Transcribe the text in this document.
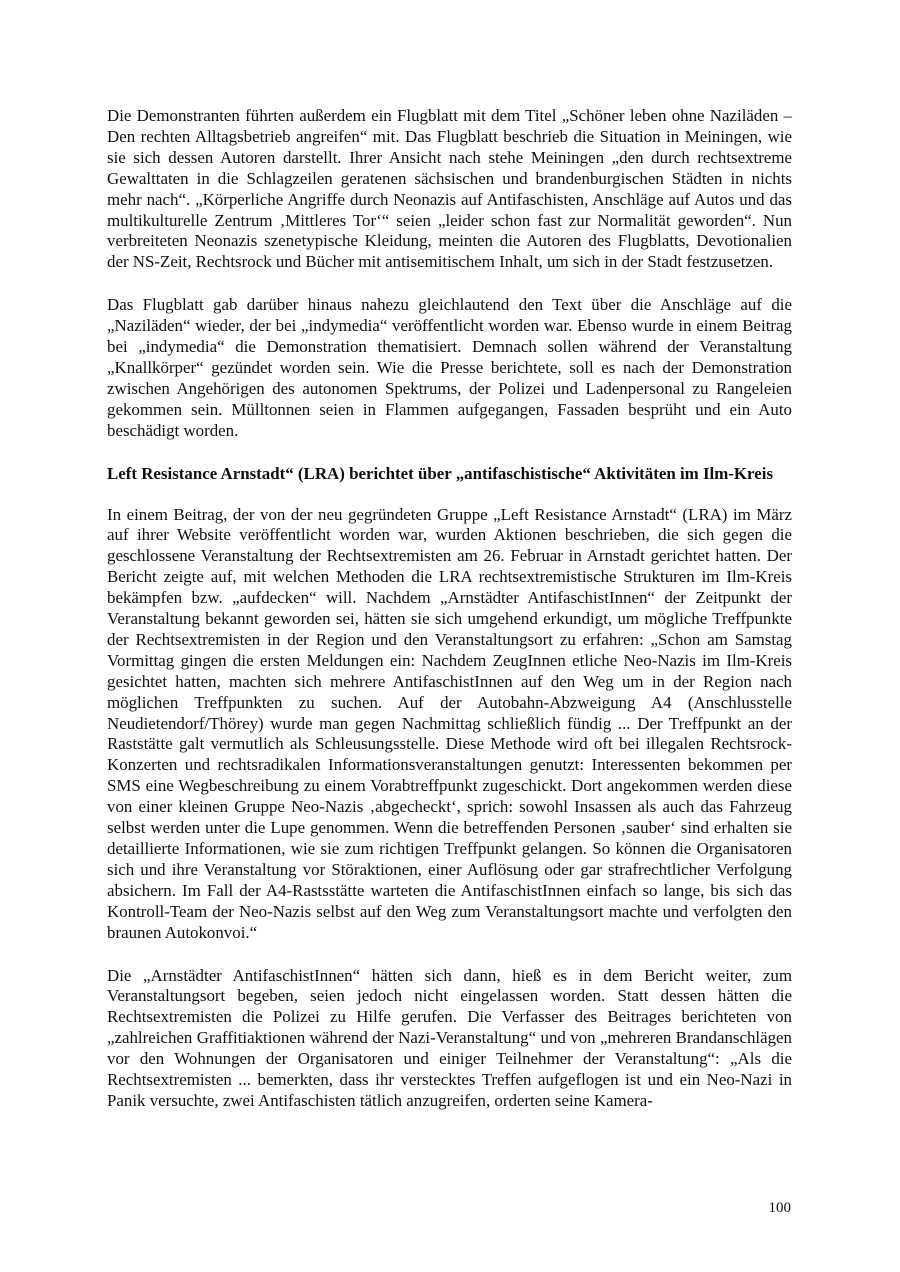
Die Demonstranten führten außerdem ein Flugblatt mit dem Titel „Schöner leben ohne Naziläden – Den rechten Alltagsbetrieb angreifen“ mit. Das Flugblatt beschrieb die Situation in Meiningen, wie sie sich dessen Autoren darstellt. Ihrer Ansicht nach stehe Meiningen „den durch rechtsextreme Gewalttaten in die Schlagzeilen geratenen sächsischen und brandenburgischen Städten in nichts mehr nach“. „Körperliche Angriffe durch Neonazis auf Antifaschisten, Anschläge auf Autos und das multikulturelle Zentrum ‚Mittleres Tor‘“ seien „leider schon fast zur Normalität geworden“. Nun verbreiteten Neonazis szenetypische Kleidung, meinten die Autoren des Flugblatts, Devotionalien der NS-Zeit, Rechtsrock und Bücher mit antisemitischem Inhalt, um sich in der Stadt festzusetzen.

Das Flugblatt gab darüber hinaus nahezu gleichlautend den Text über die Anschläge auf die „Naziläden“ wieder, der bei „indymedia“ veröffentlicht worden war. Ebenso wurde in einem Beitrag bei „indymedia“ die Demonstration thematisiert. Demnach sollen während der Veranstaltung „Knallkörper“ gezündet worden sein. Wie die Presse berichtete, soll es nach der Demonstration zwischen Angehörigen des autonomen Spektrums, der Polizei und Ladenpersonal zu Rangeleien gekommen sein. Mülltonnen seien in Flammen aufgegangen, Fassaden besprüht und ein Auto beschädigt worden.

Left Resistance Arnstadt“ (LRA) berichtet über „antifaschistische“ Aktivitäten im Ilm-Kreis

In einem Beitrag, der von der neu gegründeten Gruppe „Left Resistance Arnstadt“ (LRA) im März auf ihrer Website veröffentlicht worden war, wurden Aktionen beschrieben, die sich gegen die geschlossene Veranstaltung der Rechtsextremisten am 26. Februar in Arnstadt gerichtet hatten. Der Bericht zeigte auf, mit welchen Methoden die LRA rechtsextremistische Strukturen im Ilm-Kreis bekämpfen bzw. „aufdecken“ will. Nachdem „Arnstädter AntifaschistInnen“ der Zeitpunkt der Veranstaltung bekannt geworden sei, hätten sie sich umgehend erkundigt, um mögliche Treffpunkte der Rechtsextremisten in der Region und den Veranstaltungsort zu erfahren: „Schon am Samstag Vormittag gingen die ersten Meldungen ein: Nachdem ZeugInnen etliche Neo-Nazis im Ilm-Kreis gesichtet hatten, machten sich mehrere AntifaschistInnen auf den Weg um in der Region nach möglichen Treffpunkten zu suchen. Auf der Autobahn-Abzweigung A4 (Anschlusstelle Neudietendorf/Thörey) wurde man gegen Nachmittag schließlich fündig ... Der Treffpunkt an der Raststätte galt vermutlich als Schleusungsstelle. Diese Methode wird oft bei illegalen Rechtsrock-Konzerten und rechtsradikalen Informationsveranstaltungen genutzt: Interessenten bekommen per SMS eine Wegbeschreibung zu einem Vorabtreffpunkt zugeschickt. Dort angekommen werden diese von einer kleinen Gruppe Neo-Nazis ‚abgecheckt‘, sprich: sowohl Insassen als auch das Fahrzeug selbst werden unter die Lupe genommen. Wenn die betreffenden Personen ‚sauber‘ sind erhalten sie detaillierte Informationen, wie sie zum richtigen Treffpunkt gelangen. So können die Organisatoren sich und ihre Veranstaltung vor Störaktionen, einer Auflösung oder gar strafrechtlicher Verfolgung absichern. Im Fall der A4-Rastsstätte warteten die AntifaschistInnen einfach so lange, bis sich das Kontroll-Team der Neo-Nazis selbst auf den Weg zum Veranstaltungsort machte und verfolgten den braunen Autokonvoi.“

Die „Arnstädter AntifaschistInnen“ hätten sich dann, hieß es in dem Bericht weiter, zum Veranstaltungsort begeben, seien jedoch nicht eingelassen worden. Statt dessen hätten die Rechtsextremisten die Polizei zu Hilfe gerufen. Die Verfasser des Beitrages berichteten von „zahlreichen Graffitiaktionen während der Nazi-Veranstaltung“ und von „mehreren Brandanschlägen vor den Wohnungen der Organisatoren und einiger Teilnehmer der Veranstaltung“: „Als die Rechtsextremisten ... bemerkten, dass ihr verstecktes Treffen aufgeflogen ist und ein Neo-Nazi in Panik versuchte, zwei Antifaschisten tätlich anzugreifen, orderten seine Kamera-

100
